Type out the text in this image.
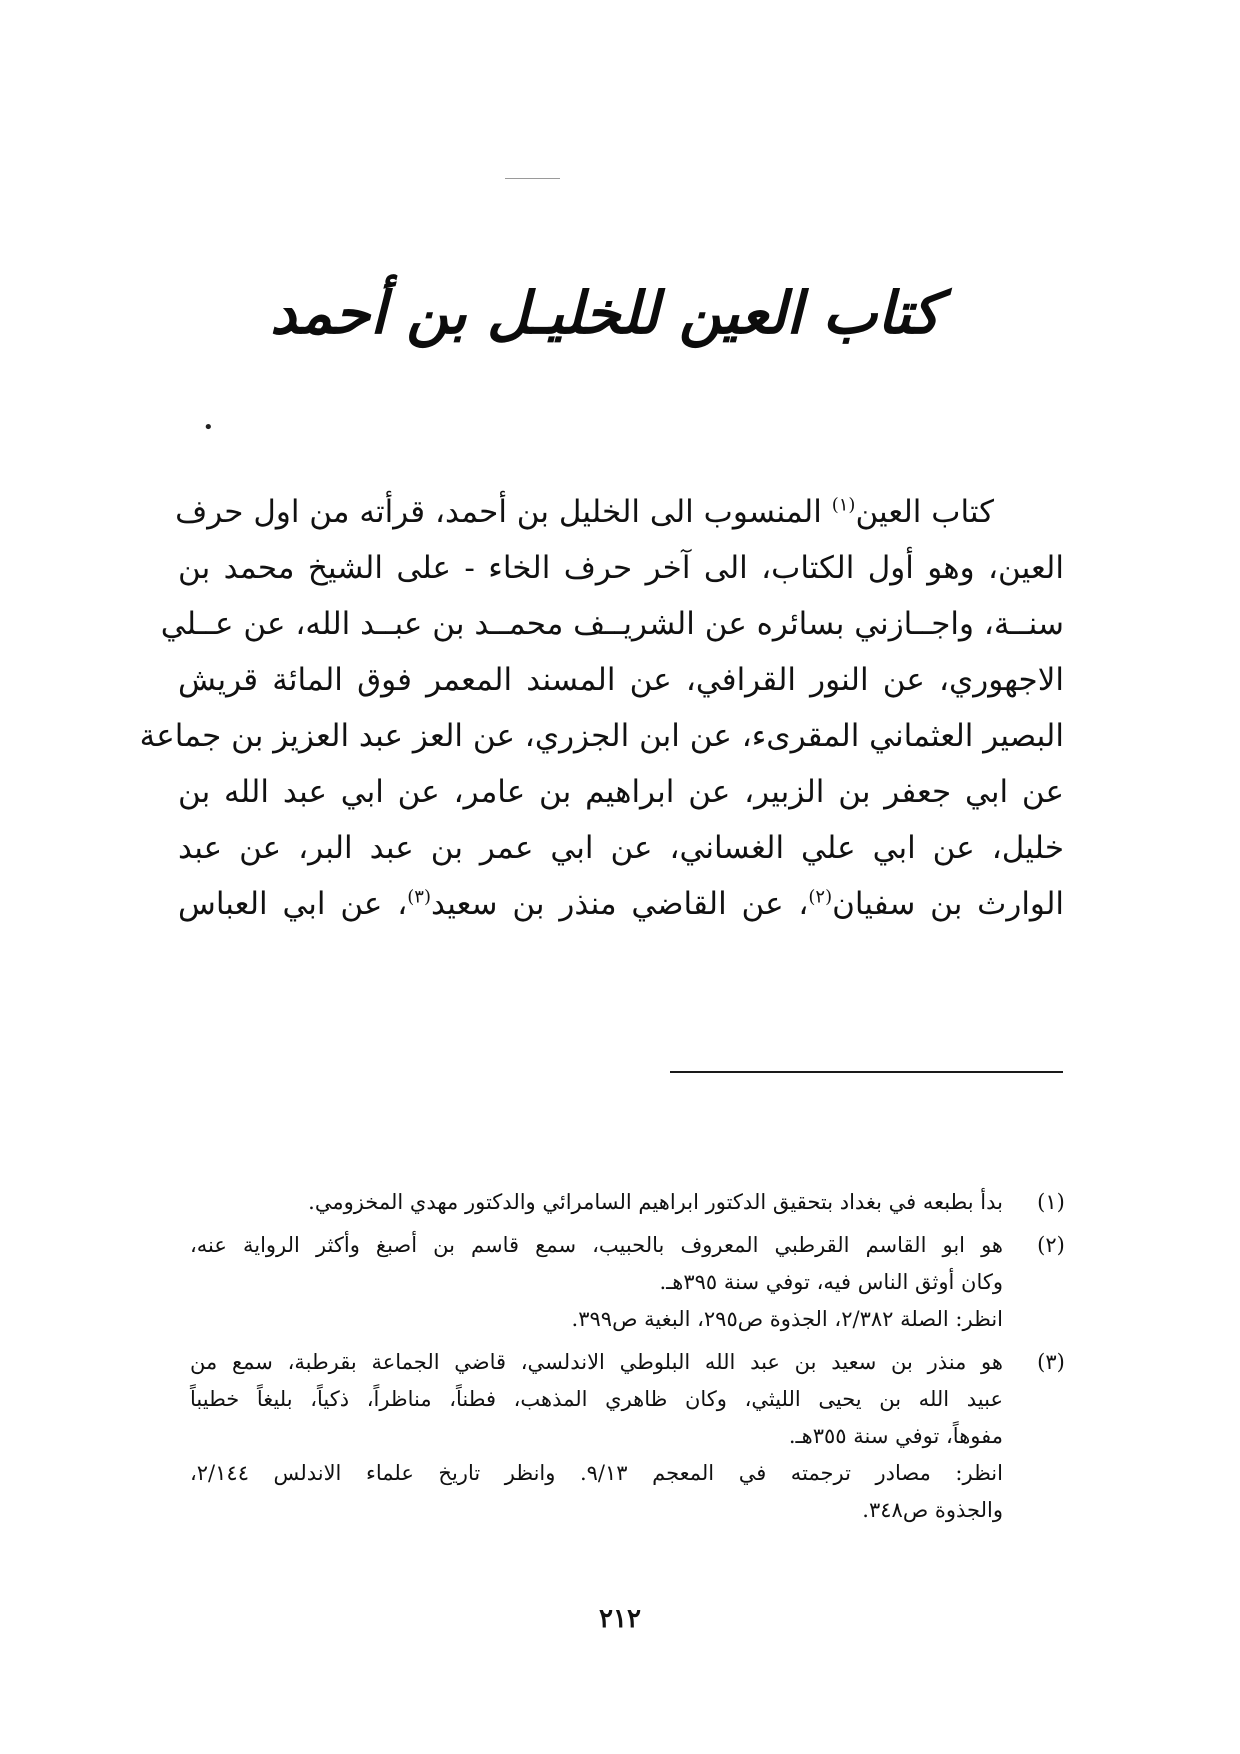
كتاب العين للخليـل بن أحمد
•
كتاب العين$^{(١)}$ المنسوب الى الخليل بن أحمد، قرأته من اول حرف
العين، وهو أول الكتاب، الى آخر حرف الخاء - على الشيخ محمد بن
سنــة، واجــازني بسائره عن الشريــف محمــد بن عبــد الله، عن عــلي
الاجهوري، عن النور القرافي، عن المسند المعمر فوق المائة قريش
البصير العثماني المقرىء، عن ابن الجزري، عن العز عبد العزيز بن جماعة
عن ابي جعفر بن الزبير، عن ابراهيم بن عامر، عن ابي عبد الله بن
خليل، عن ابي علي الغساني، عن ابي عمر بن عبد البر، عن عبد
الوارث بن سفيان$^{(٢)}$، عن القاضي منذر بن سعيد$^{(٣)}$، عن ابي العباس
(١)
بدأ بطبعه في بغداد بتحقيق الدكتور ابراهيم السامرائي والدكتور مهدي المخزومي.
(٢)
هو ابو القاسم القرطبي المعروف بالحبيب، سمع قاسم بن أصبغ وأكثر الرواية عنه،
وكان أوثق الناس فيه، توفي سنة ٣٩٥هـ.
انظر: الصلة ٢/٣٨٢، الجذوة ص٢٩٥، البغية ص٣٩٩.
(٣)
هو منذر بن سعيد بن عبد الله البلوطي الاندلسي، قاضي الجماعة بقرطبة، سمع من
عبيد الله بن يحيى الليثي، وكان ظاهري المذهب، فطناً، مناظراً، ذكياً، بليغاً خطيباً
مفوهاً، توفي سنة ٣٥٥هـ.
انظر: مصادر ترجمته في المعجم ٩/١٣. وانظر تاريخ علماء الاندلس ٢/١٤٤،
والجذوة ص٣٤٨.
٢١٢
